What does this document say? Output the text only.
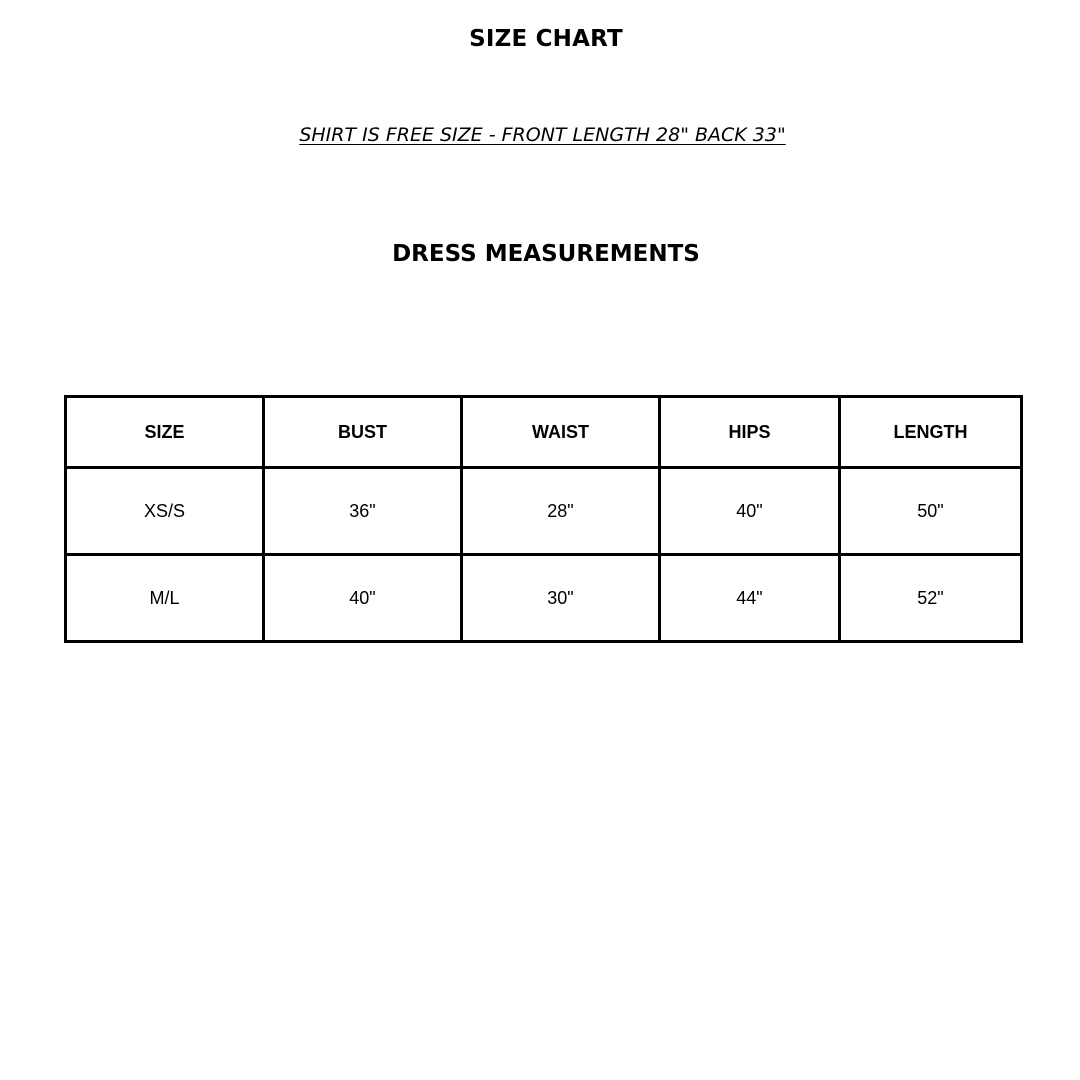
SIZE CHART

SHIRT IS FREE SIZE - FRONT LENGTH 28" BACK 33"

DRESS MEASUREMENTS
SIZE	BUST	WAIST	HIPS	LENGTH
XS/S	36"	28"	40"	50"
M/L	40"	30"	44"	52"
